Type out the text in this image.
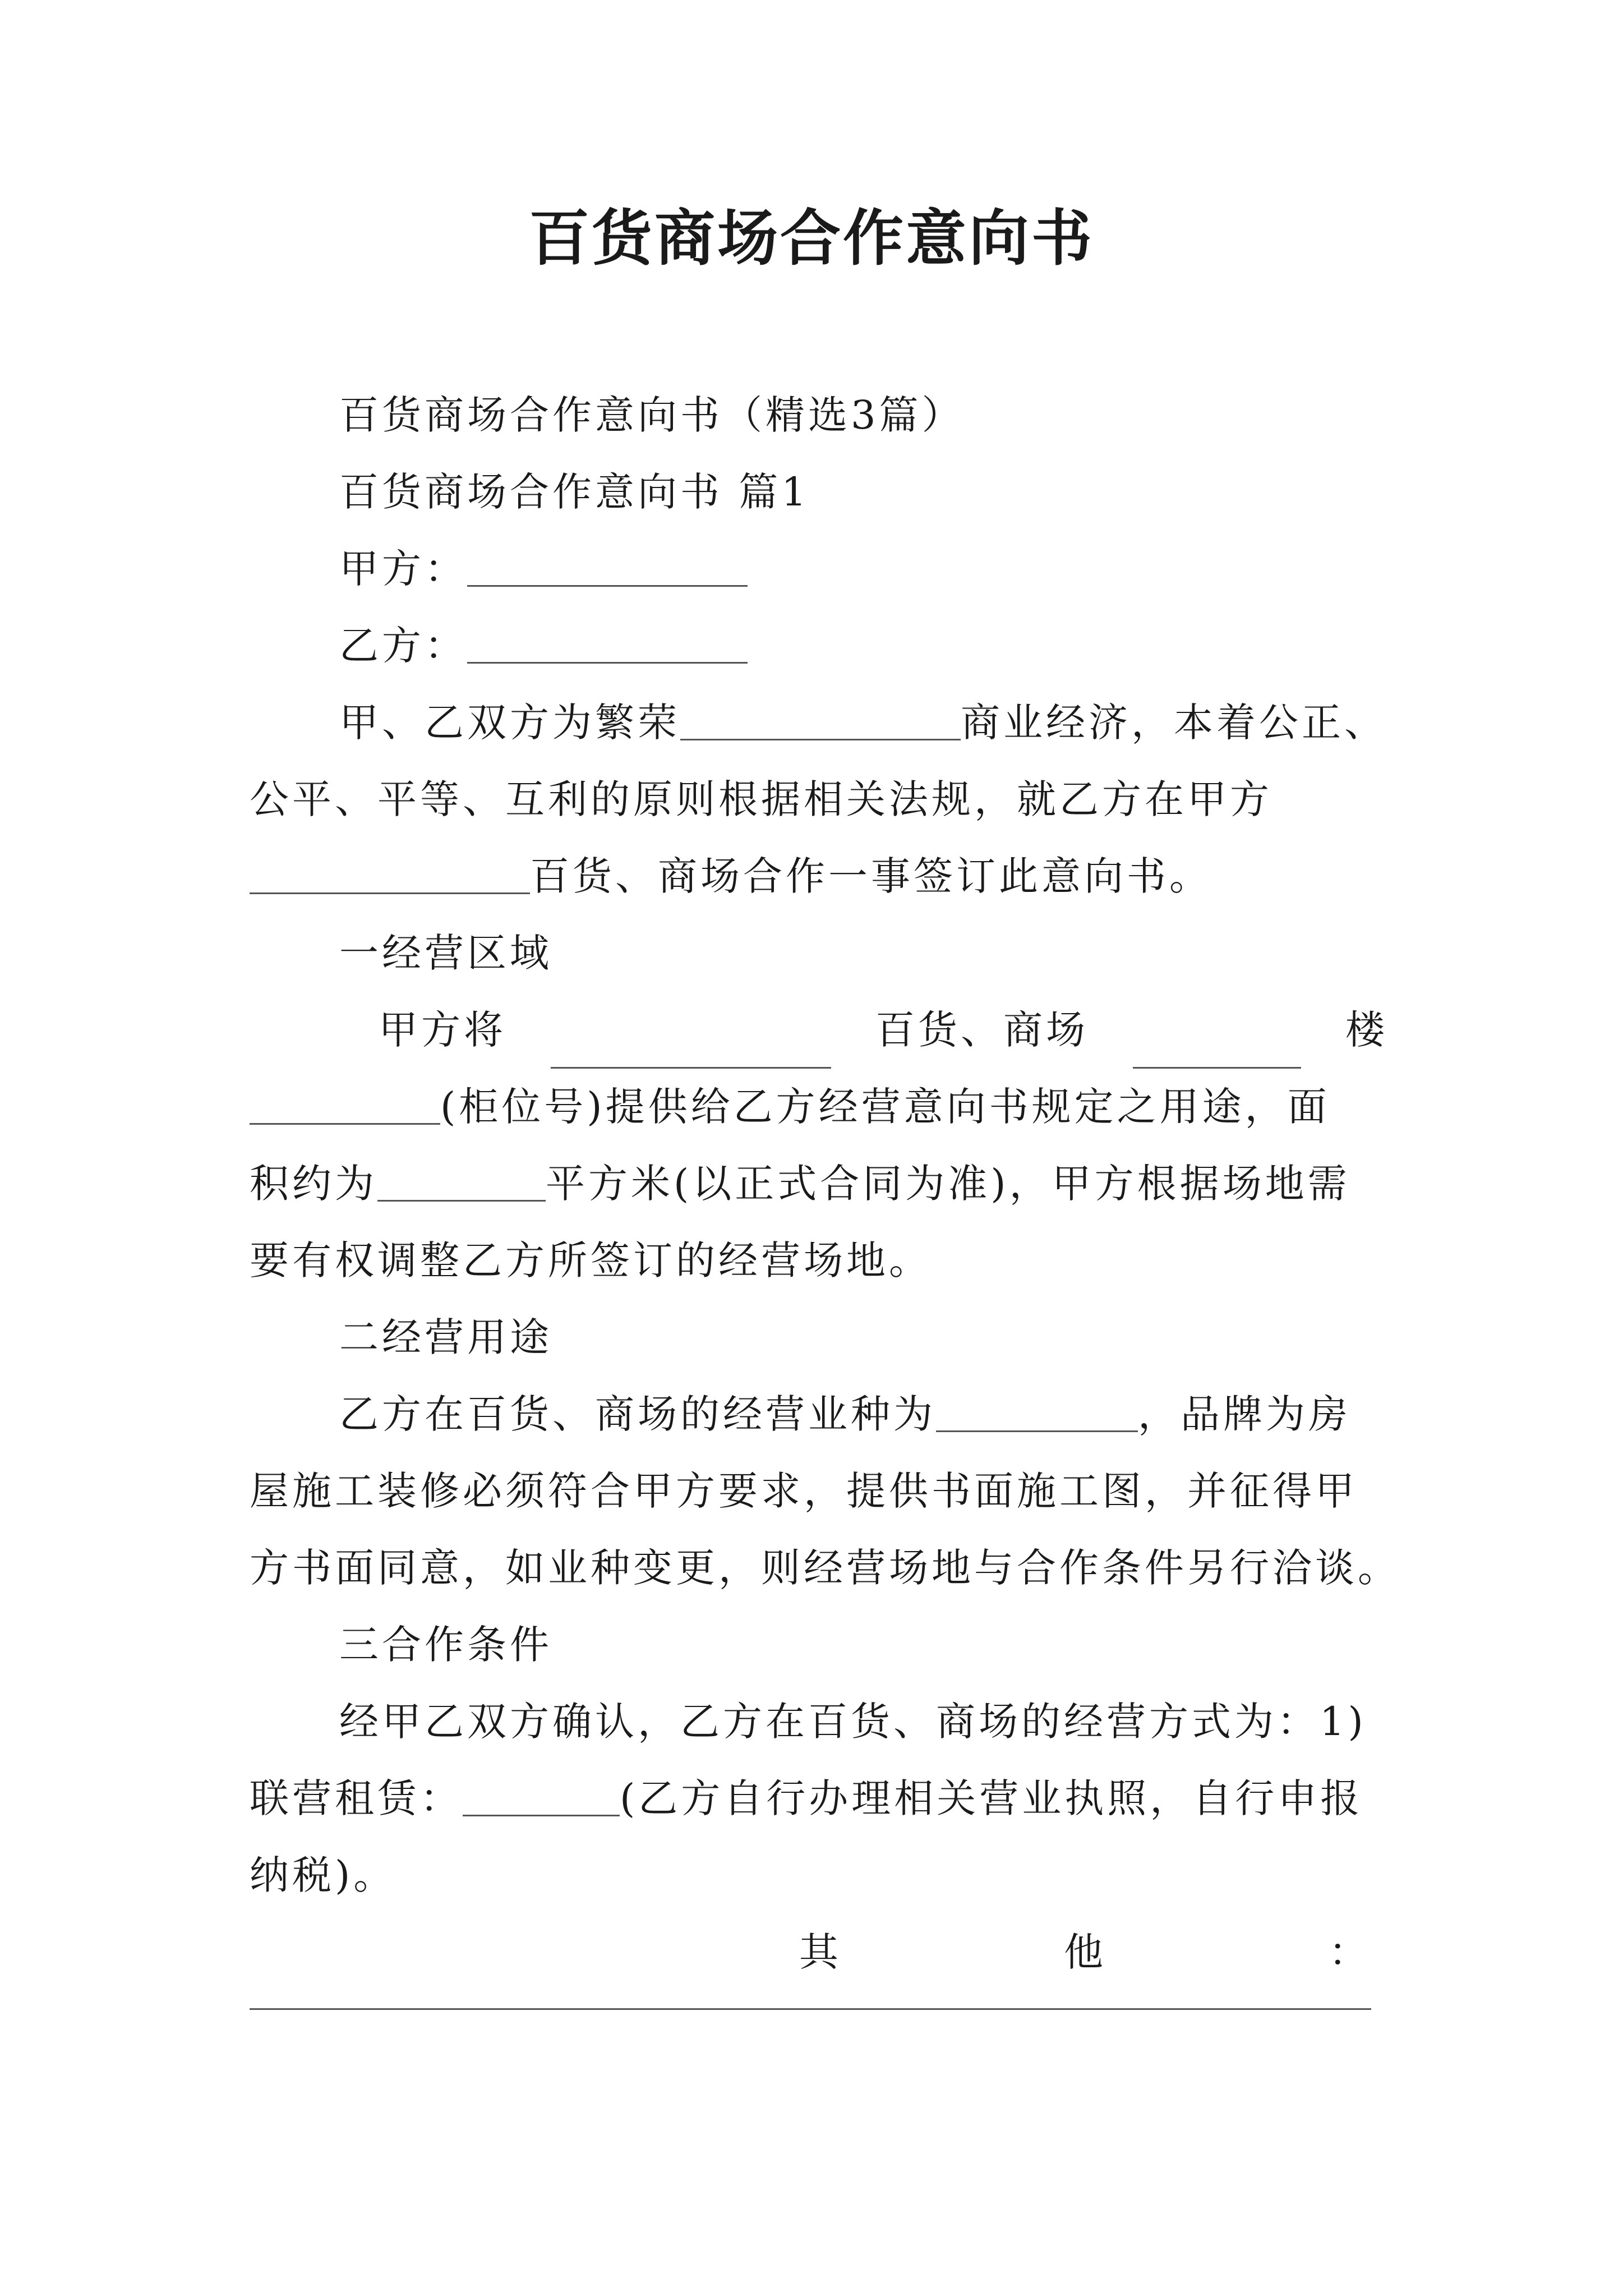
百货商场合作意向书

百货商场合作意向书（精选3篇）

百货商场合作意向书 篇1

甲方：

乙方：

甲、乙双方为繁荣	商业经济，本着公正、

公平、平等、互利的原则根据相关法规，就乙方在甲方

百货、商场合作一事签订此意向书。

一经营区域

甲方将	百货、商场	楼

(柜位号)提供给乙方经营意向书规定之用途，面

积约为	平方米(以正式合同为准)，甲方根据场地需

要有权调整乙方所签订的经营场地。

二经营用途

乙方在百货、商场的经营业种为	，品牌为房

屋施工装修必须符合甲方要求，提供书面施工图，并征得甲

方书面同意，如业种变更，则经营场地与合作条件另行洽谈。

三合作条件

经甲乙双方确认，乙方在百货、商场的经营方式为：1)

联营租赁：	(乙方自行办理相关营业执照，自行申报

纳税)。

其	他	：
